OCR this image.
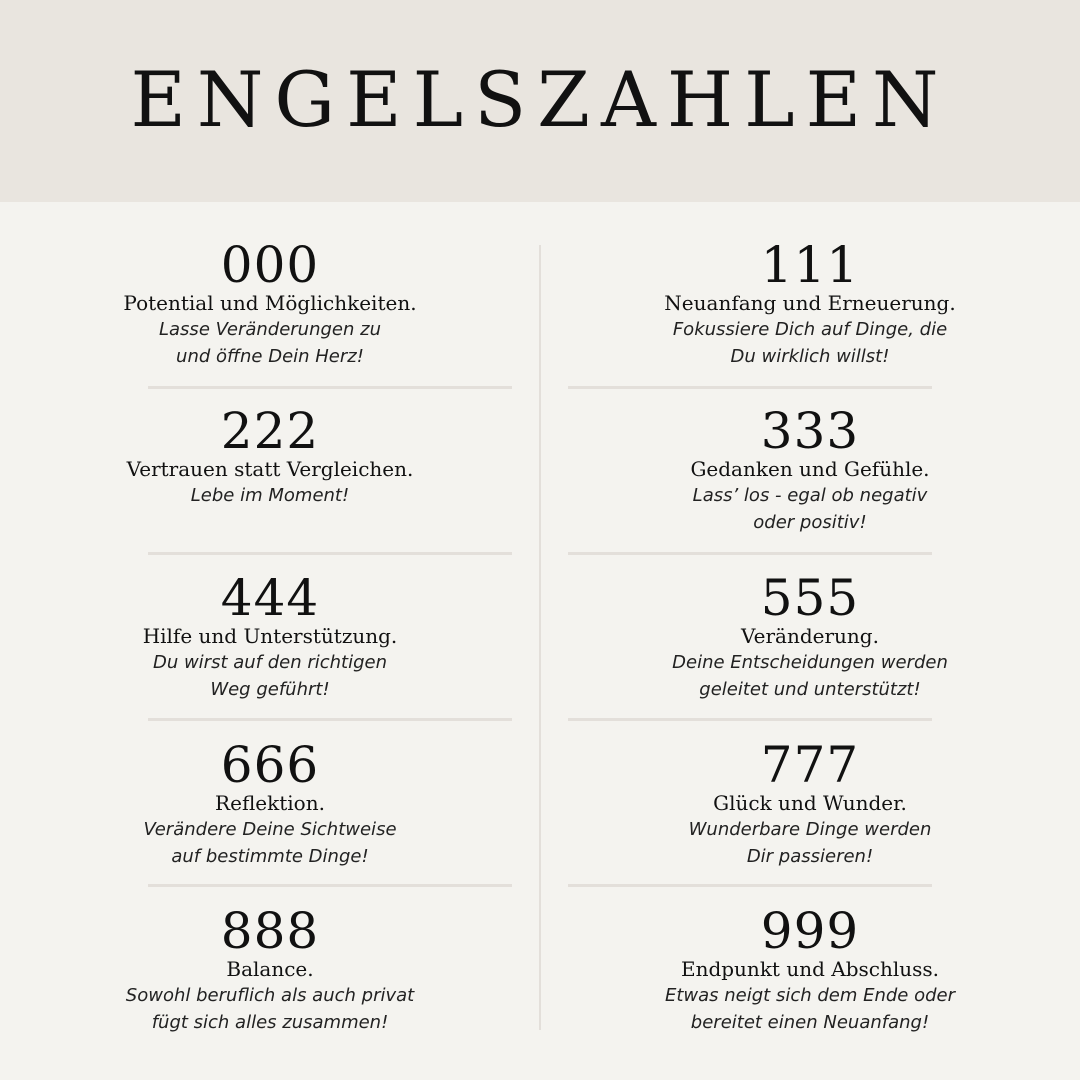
ENGELSZAHLEN
000
Potential und Möglichkeiten.
Lasse Veränderungen zu
und öffne Dein Herz!
111
Neuanfang und Erneuerung.
Fokussiere Dich auf Dinge, die
Du wirklich willst!
222
Vertrauen statt Vergleichen.
Lebe im Moment!
333
Gedanken und Gefühle.
Lass’ los - egal ob negativ
oder positiv!
444
Hilfe und Unterstützung.
Du wirst auf den richtigen
Weg geführt!
555
Veränderung.
Deine Entscheidungen werden
geleitet und unterstützt!
666
Reflektion.
Verändere Deine Sichtweise
auf bestimmte Dinge!
777
Glück und Wunder.
Wunderbare Dinge werden
Dir passieren!
888
Balance.
Sowohl beruflich als auch privat
fügt sich alles zusammen!
999
Endpunkt und Abschluss.
Etwas neigt sich dem Ende oder
bereitet einen Neuanfang!
